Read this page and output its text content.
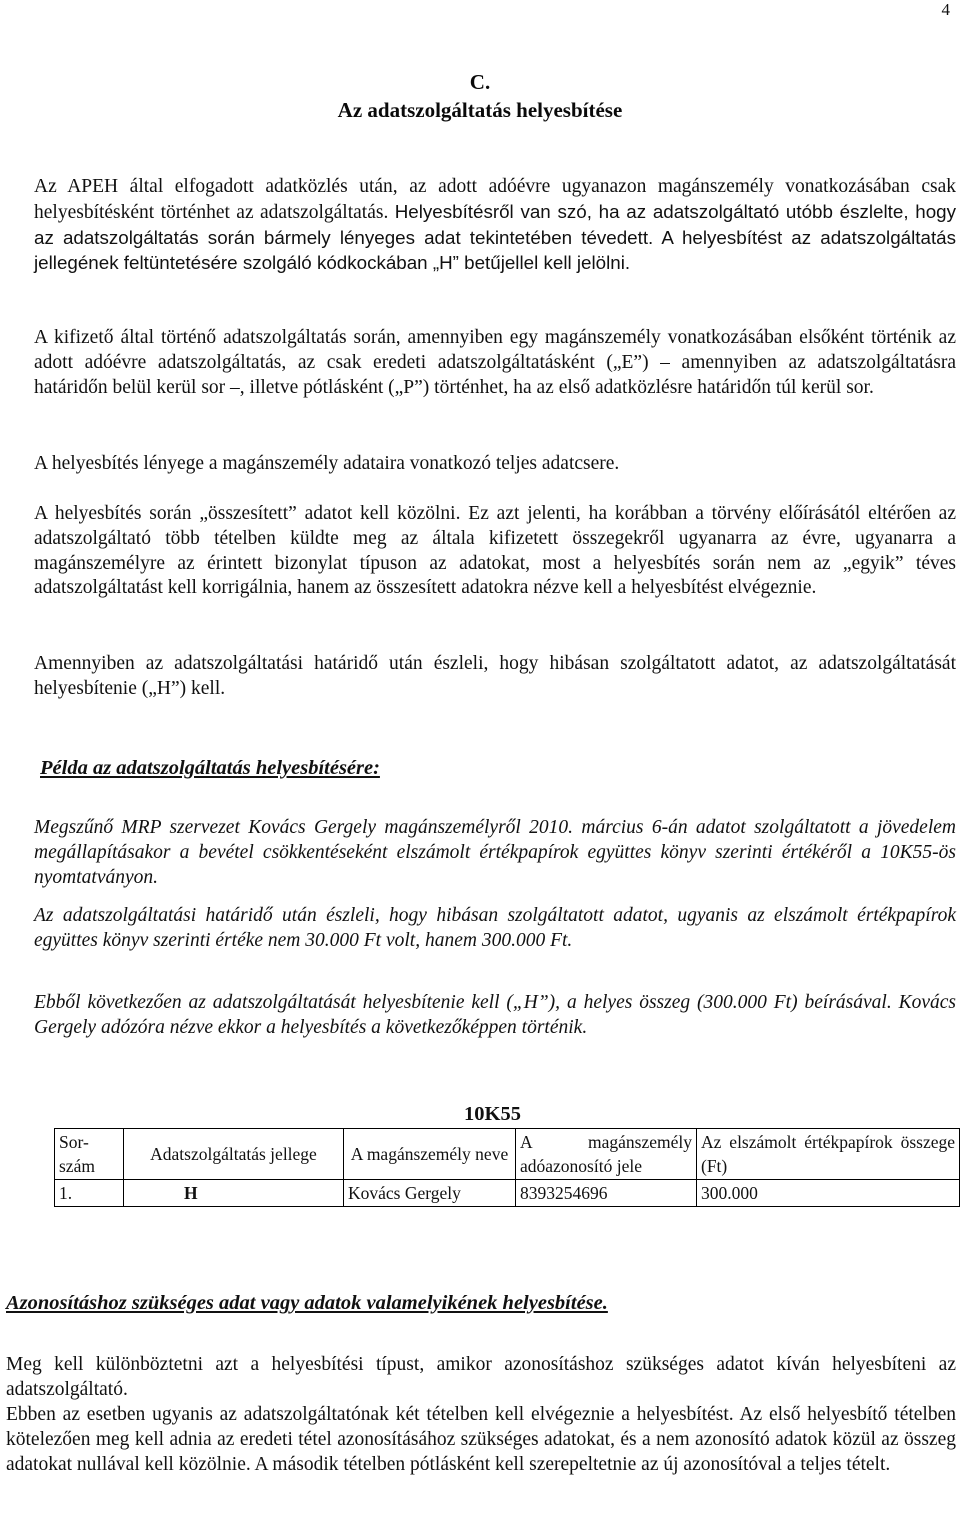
4
C.
Az adatszolgáltatás helyesbítése

Az APEH által elfogadott adatközlés után, az adott adóévre ugyanazon magánszemély vonatkozásában csak helyesbítésként történhet az adatszolgáltatás. Helyesbítésről van szó, ha az adatszolgáltató utóbb észlelte, hogy az adatszolgáltatás során bármely lényeges adat tekintetében tévedett. A helyesbítést az adatszolgáltatás jellegének feltüntetésére szolgáló kódkockában „H” betűjellel kell jelölni.

A kifizető által történő adatszolgáltatás során, amennyiben egy magánszemély vonatkozásában elsőként történik az adott adóévre adatszolgáltatás, az csak eredeti adatszolgáltatásként („E”) – amennyiben az adatszolgáltatásra határidőn belül kerül sor –, illetve pótlásként („P”) történhet, ha az első adatközlésre határidőn túl kerül sor.

A helyesbítés lényege a magánszemély adataira vonatkozó teljes adatcsere.

A helyesbítés során „összesített” adatot kell közölni. Ez azt jelenti, ha korábban a törvény előírásától eltérően az adatszolgáltató több tételben küldte meg az általa kifizetett összegekről ugyanarra az évre, ugyanarra a magánszemélyre az érintett bizonylat típuson az adatokat, most a helyesbítés során nem az „egyik” téves adatszolgáltatást kell korrigálnia, hanem az összesített adatokra nézve kell a helyesbítést elvégeznie.

Amennyiben az adatszolgáltatási határidő után észleli, hogy hibásan szolgáltatott adatot, az adatszolgáltatását helyesbítenie („H”) kell.

Példa az adatszolgáltatás helyesbítésére:

Megszűnő MRP szervezet Kovács Gergely magánszemélyről 2010. március 6-án adatot szolgáltatott a jövedelem megállapításakor a bevétel csökkentéseként elszámolt értékpapírok együttes könyv szerinti értékéről a 10K55-ös nyomtatványon.

Az adatszolgáltatási határidő után észleli, hogy hibásan szolgáltatott adatot, ugyanis az elszámolt értékpapírok együttes könyv szerinti értéke nem 30.000 Ft volt, hanem 300.000 Ft.

Ebből következően az adatszolgáltatását helyesbítenie kell („H”), a helyes összeg (300.000 Ft) beírásával. Kovács Gergely adózóra nézve ekkor a helyesbítés a következőképpen történik.

10K55
Sor-szám	Adatszolgáltatás jellege	A magánszemély neve	A magánszemély adóazonosító jele	Az elszámolt értékpapírok összege (Ft)
1.	H	Kovács Gergely	8393254696	300.000
Azonosításhoz szükséges adat vagy adatok valamelyikének helyesbítése.

Meg kell különböztetni azt a helyesbítési típust, amikor azonosításhoz szükséges adatot kíván helyesbíteni az adatszolgáltató.

Ebben az esetben ugyanis az adatszolgáltatónak két tételben kell elvégeznie a helyesbítést. Az első helyesbítő tételben kötelezően meg kell adnia az eredeti tétel azonosításához szükséges adatokat, és a nem azonosító adatok közül az összeg adatokat nullával kell közölnie. A második tételben pótlásként kell szerepeltetnie az új azonosítóval a teljes tételt.
